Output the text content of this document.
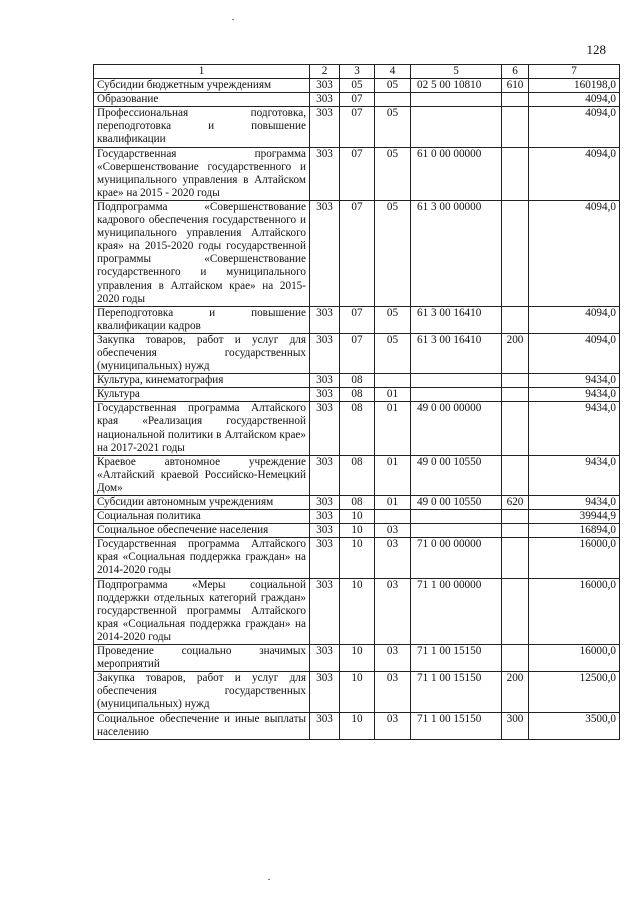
128
1	2	3	4	5	6	7
Субсидии бюджетным учреждениям	303	05	05	02 5 00 10810	610	160198,0
Образование	303	07				4094,0
Профессиональная подготовка, переподготовка и повышение квалификации	303	07	05			4094,0
Государственная программа «Совершенствование государственного и муниципального управления в Алтайском крае» на 2015 - 2020 годы	303	07	05	61 0 00 00000		4094,0
Подпрограмма «Совершенствование кадрового обеспечения государственного и муниципального управления Алтайского края» на 2015-2020 годы государственной программы «Совершенствование государственного и муниципального управления в Алтайском крае» на 2015-2020 годы	303	07	05	61 3 00 00000		4094,0
Переподготовка и повышение квалификации кадров	303	07	05	61 3 00 16410		4094,0
Закупка товаров, работ и услуг для обеспечения государственных (муниципальных) нужд	303	07	05	61 3 00 16410	200	4094,0
Культура, кинематография	303	08				9434,0
Культура	303	08	01			9434,0
Государственная программа Алтайского края «Реализация государственной национальной политики в Алтайском крае» на 2017-2021 годы	303	08	01	49 0 00 00000		9434,0
Краевое автономное учреждение «Алтайский краевой Российско-Немецкий Дом»	303	08	01	49 0 00 10550		9434,0
Субсидии автономным учреждениям	303	08	01	49 0 00 10550	620	9434,0
Социальная политика	303	10				39944,9
Социальное обеспечение населения	303	10	03			16894,0
Государственная программа Алтайского края «Социальная поддержка граждан» на 2014-2020 годы	303	10	03	71 0 00 00000		16000,0
Подпрограмма «Меры социальной поддержки отдельных категорий граждан» государственной программы Алтайского края «Социальная поддержка граждан» на 2014-2020 годы	303	10	03	71 1 00 00000		16000,0
Проведение социально значимых мероприятий	303	10	03	71 1 00 15150		16000,0
Закупка товаров, работ и услуг для обеспечения государственных (муниципальных) нужд	303	10	03	71 1 00 15150	200	12500,0
Социальное обеспечение и иные выплаты населению	303	10	03	71 1 00 15150	300	3500,0
